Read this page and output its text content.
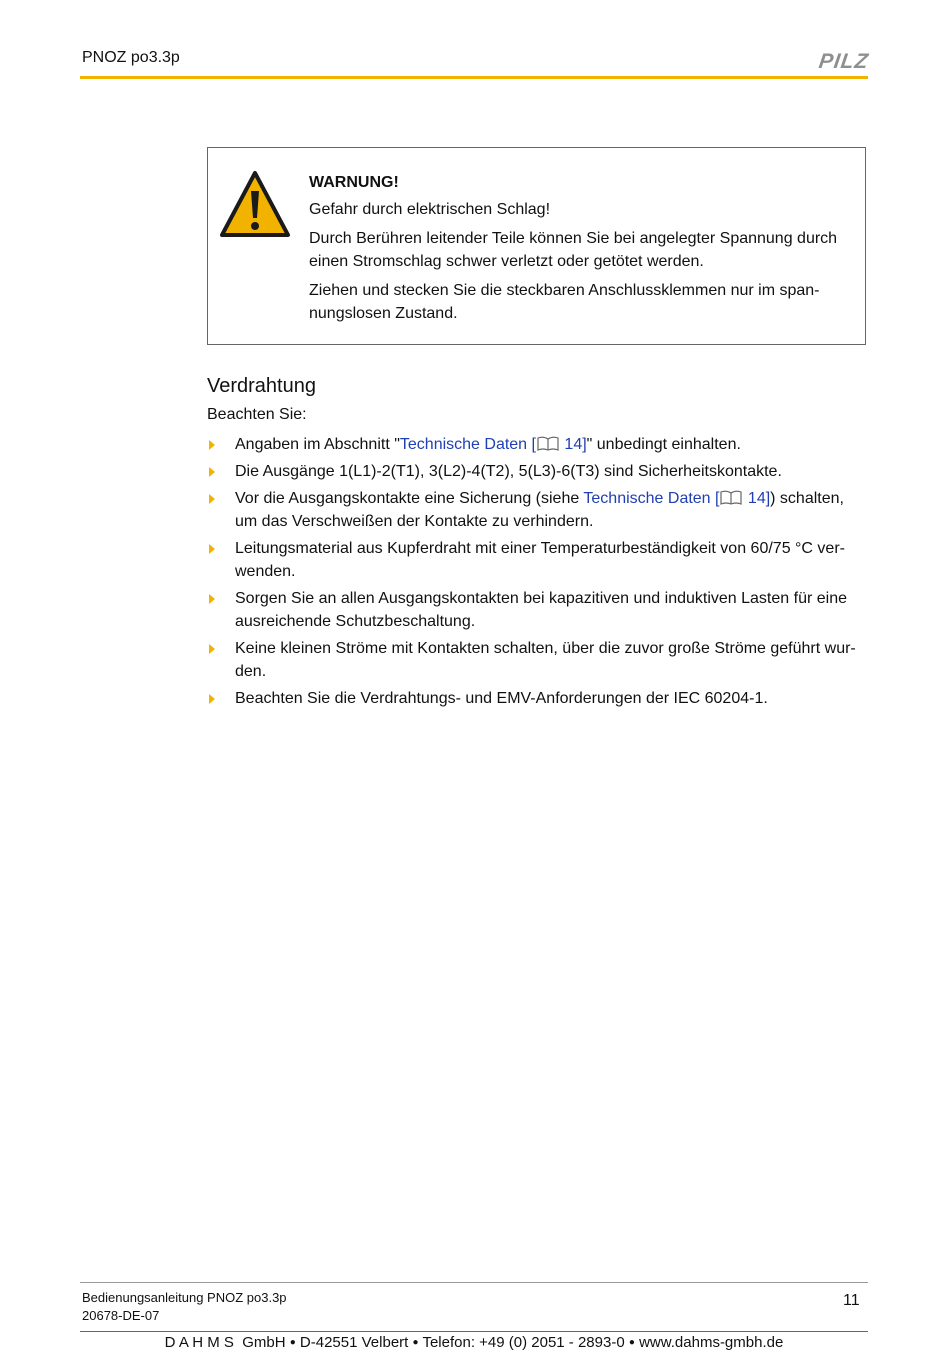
PNOZ po3.3p	PILZ

WARNUNG!

Gefahr durch elektrischen Schlag!

Durch Berühren leitender Teile können Sie bei angelegter Spannung durch einen Stromschlag schwer verletzt oder getötet werden.

Ziehen und stecken Sie die steckbaren Anschlussklemmen nur im span-nungslosen Zustand.

Verdrahtung
Beachten Sie:
Angaben im Abschnitt "Technische Daten [ 14]" unbedingt einhalten.
Die Ausgänge 1(L1)-2(T1), 3(L2)-4(T2), 5(L3)-6(T3) sind Sicherheitskontakte.
Vor die Ausgangskontakte eine Sicherung (siehe Technische Daten [ 14]) schalten, um das Verschweißen der Kontakte zu verhindern.
Leitungsmaterial aus Kupferdraht mit einer Temperaturbeständigkeit von 60/75 °C ver-wenden.
Sorgen Sie an allen Ausgangskontakten bei kapazitiven und induktiven Lasten für eine ausreichende Schutzbeschaltung.
Keine kleinen Ströme mit Kontakten schalten, über die zuvor große Ströme geführt wur-den.
Beachten Sie die Verdrahtungs- und EMV-Anforderungen der IEC 60204-1.
Bedienungsanleitung PNOZ po3.3p
20678-DE-07
11
D A H M S  GmbH ● D-42551 Velbert ● Telefon: +49 (0) 2051 - 2893-0 ● www.dahms-gmbh.de
